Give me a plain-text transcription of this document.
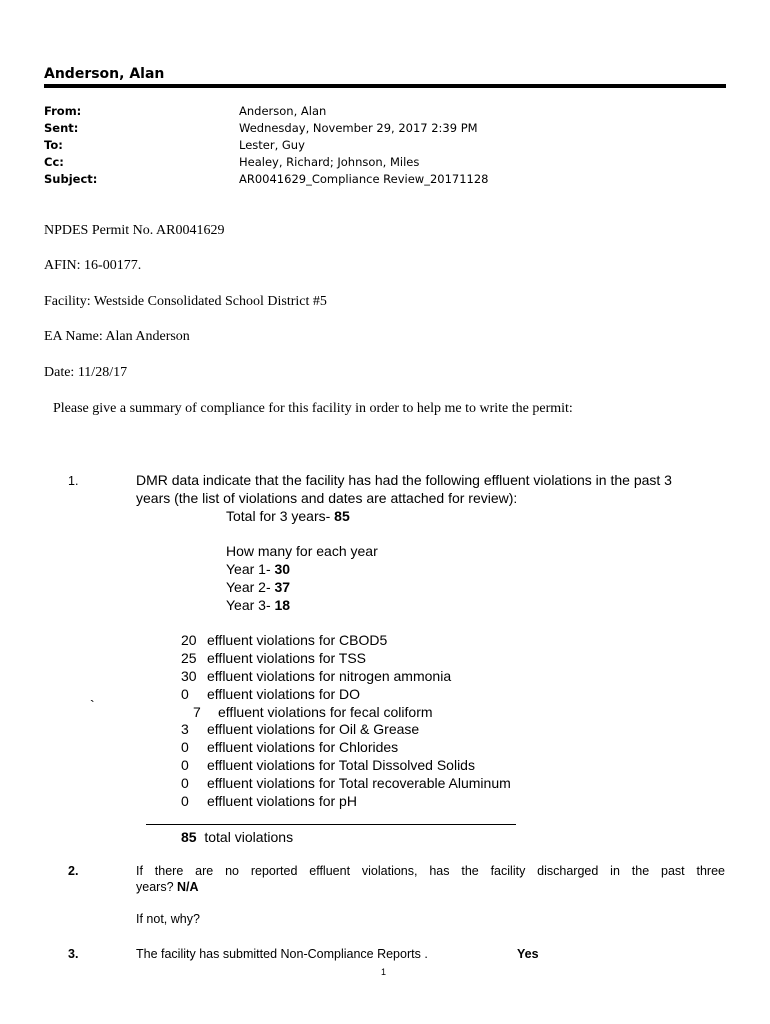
Anderson, Alan
From:	Anderson, Alan
Sent:	Wednesday, November 29, 2017 2:39 PM
To:	Lester, Guy
Cc:	Healey, Richard; Johnson, Miles
Subject:	AR0041629_Compliance Review_20171128
NPDES Permit No. AR0041629
AFIN: 16-00177.
Facility: Westside Consolidated School District #5
EA Name: Alan Anderson
Date: 11/28/17
Please give a summary of compliance for this facility in order to help me to write the permit:
1.	DMR data indicate that the facility has had the following effluent violations in the past 3
years (the list of violations and dates are attached for review):
Total for 3 years- 85
How many for each year
Year 1- 30
Year 2- 37
Year 3- 18
20 effluent violations for CBOD5
25 effluent violations for TSS
30 effluent violations for nitrogen ammonia
0 effluent violations for DO
`	7 effluent violations for fecal coliform
3 effluent violations for Oil & Grease
0 effluent violations for Chlorides
0 effluent violations for Total Dissolved Solids
0 effluent violations for Total recoverable Aluminum
0 effluent violations for pH
85 total violations
2.	If there are no reported effluent violations, has the facility discharged in the past three
years? N/A
If not, why?
3.	The facility has submitted Non-Compliance Reports .	Yes
1
